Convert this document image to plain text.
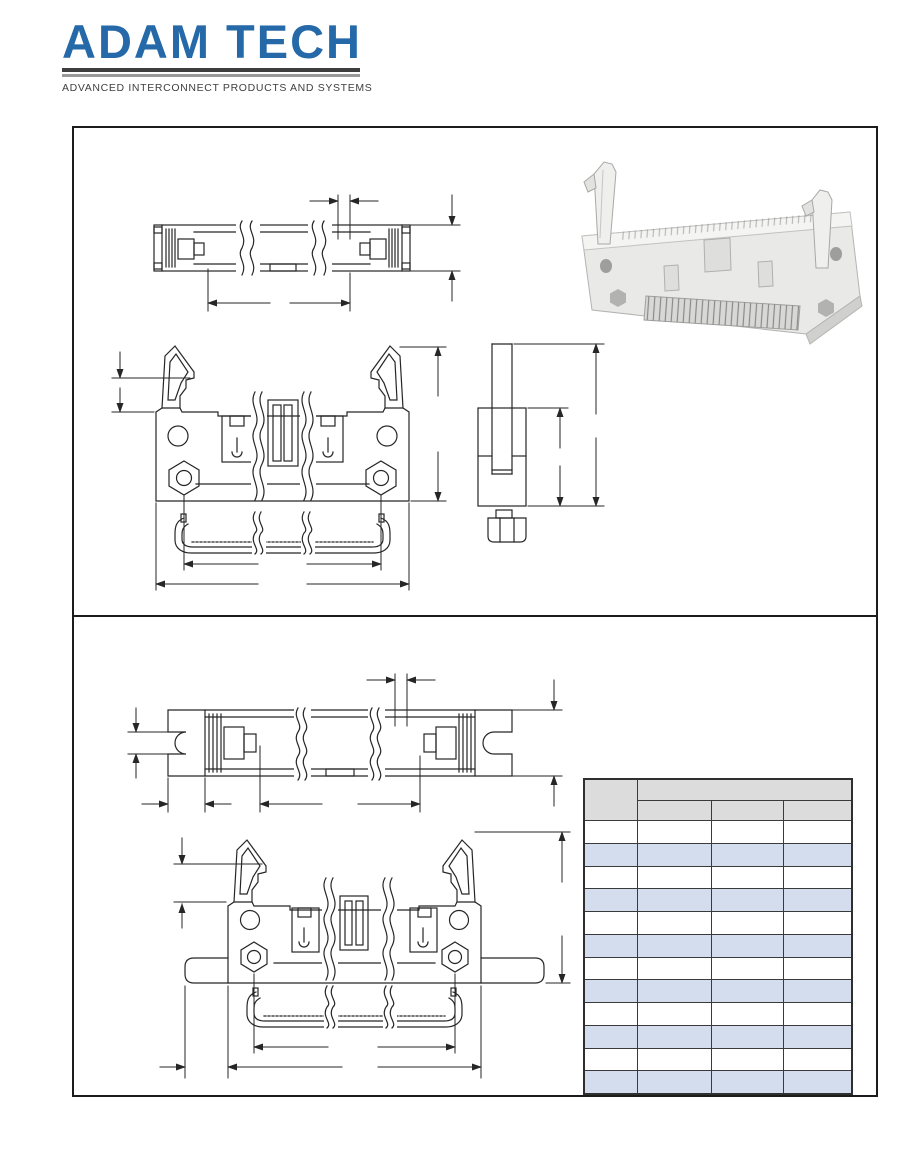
ADAM TECH
ADVANCED INTERCONNECT PRODUCTS AND SYSTEMS
